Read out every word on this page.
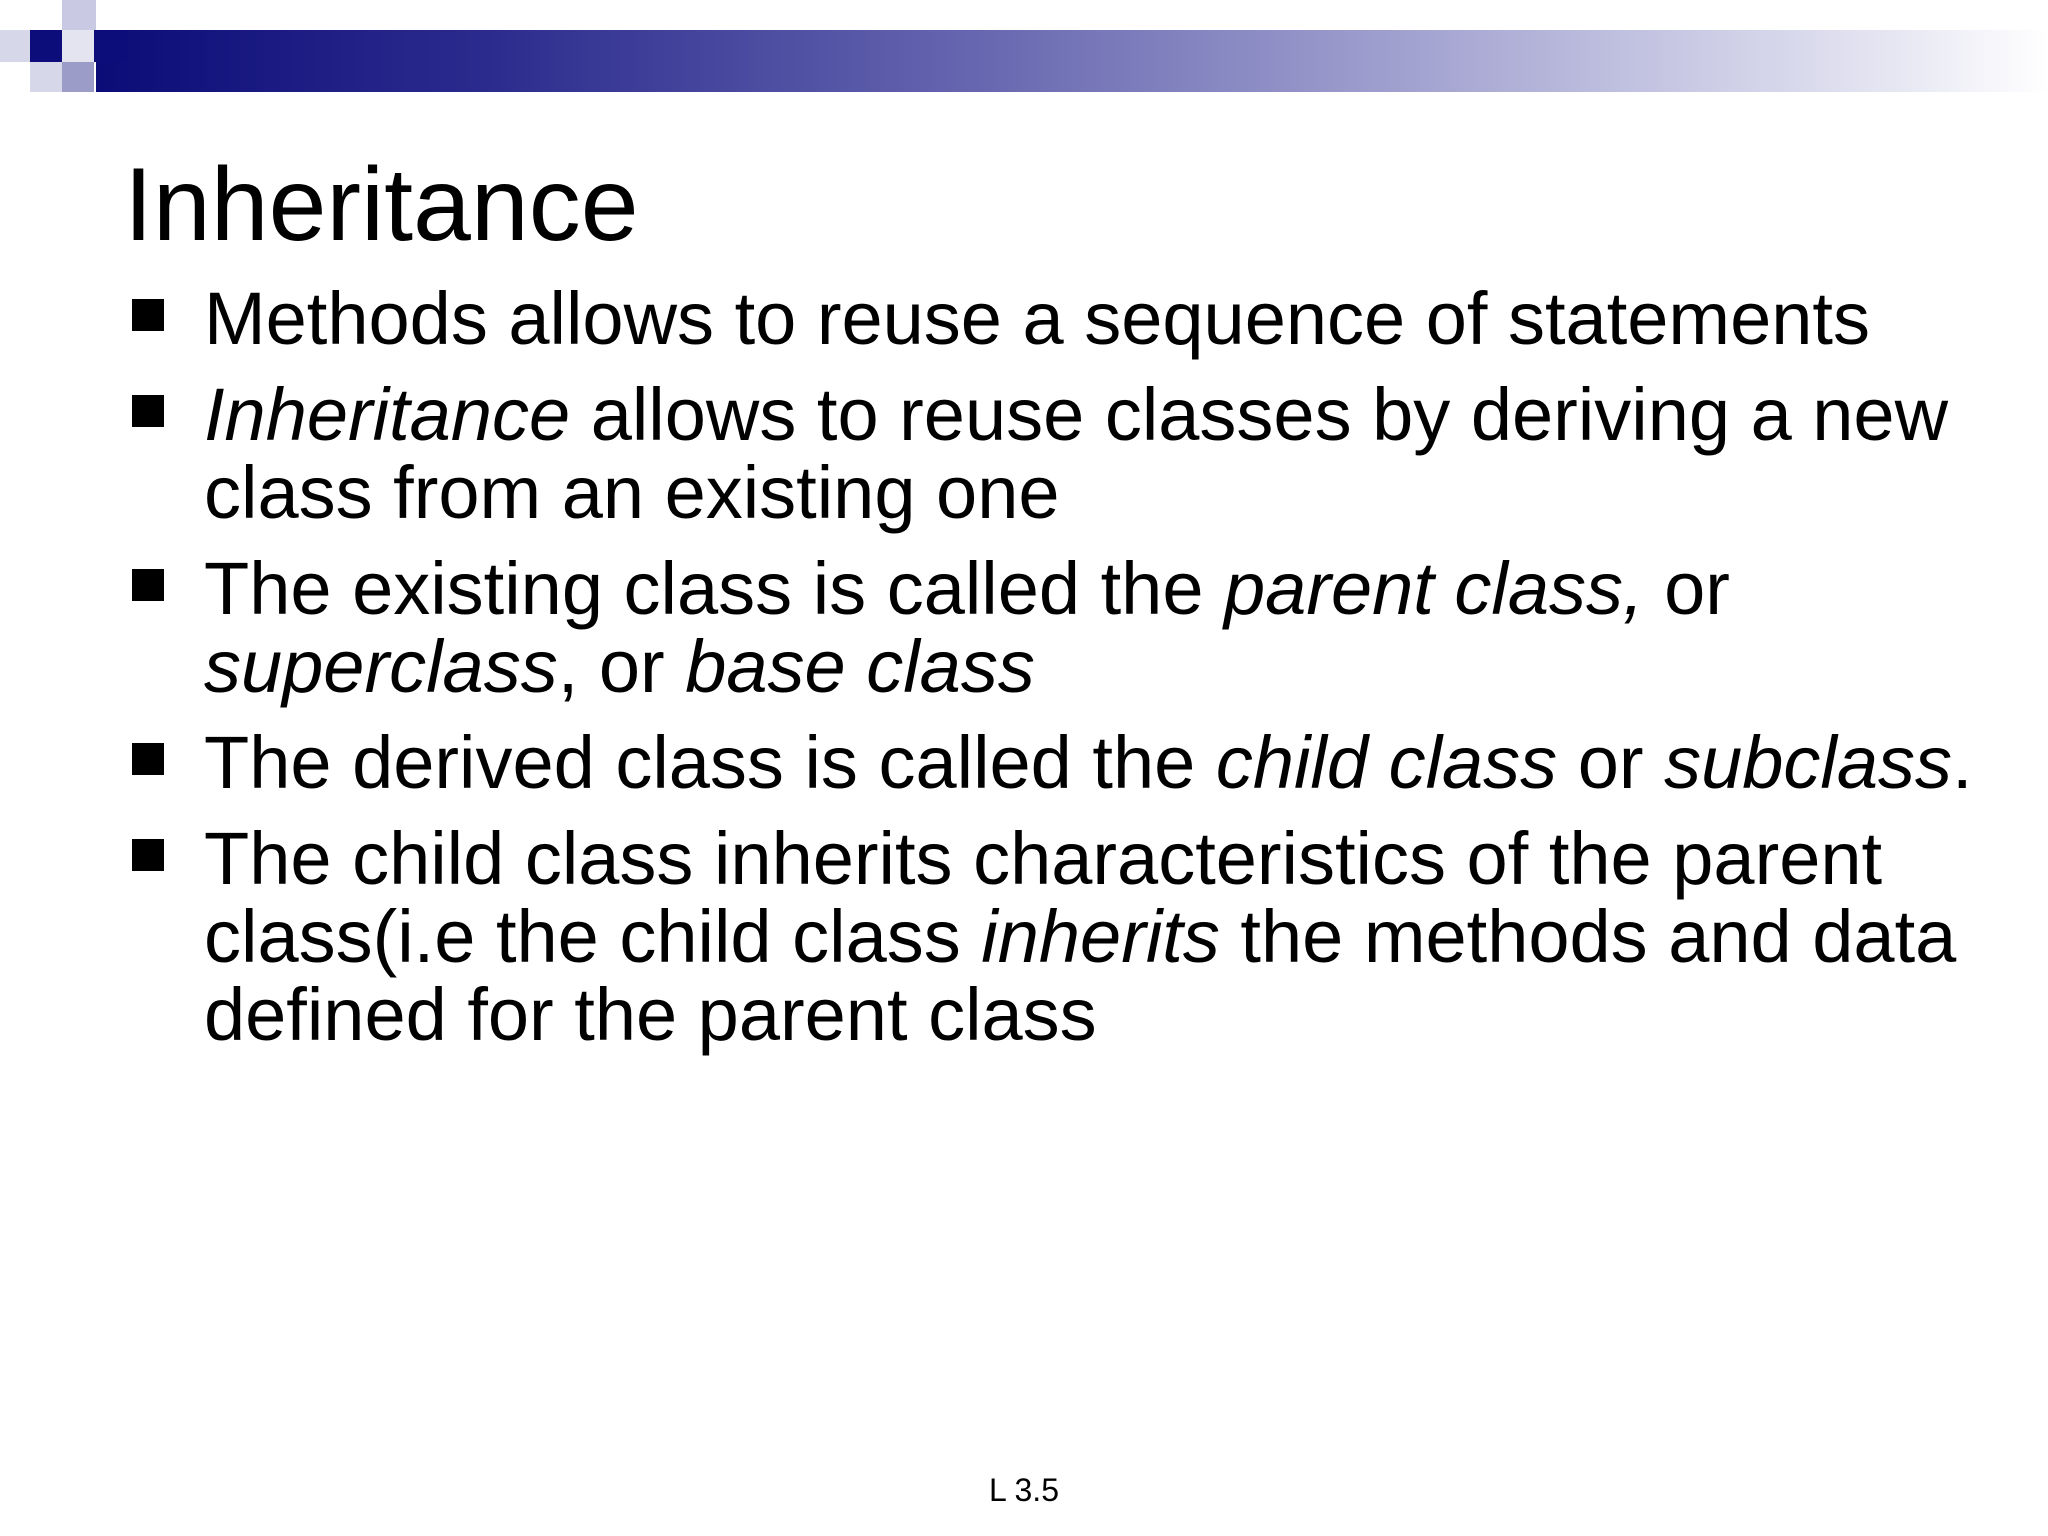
Inheritance
Methods allows to reuse a sequence of statements
Inheritance allows to reuse classes by deriving a new class from an existing one
The existing class is called the parent class, or superclass, or base class
The derived class is called the child class or subclass.
The child class inherits characteristics of the parent class(i.e the child class inherits the methods and data defined for the parent class
L 3.5
